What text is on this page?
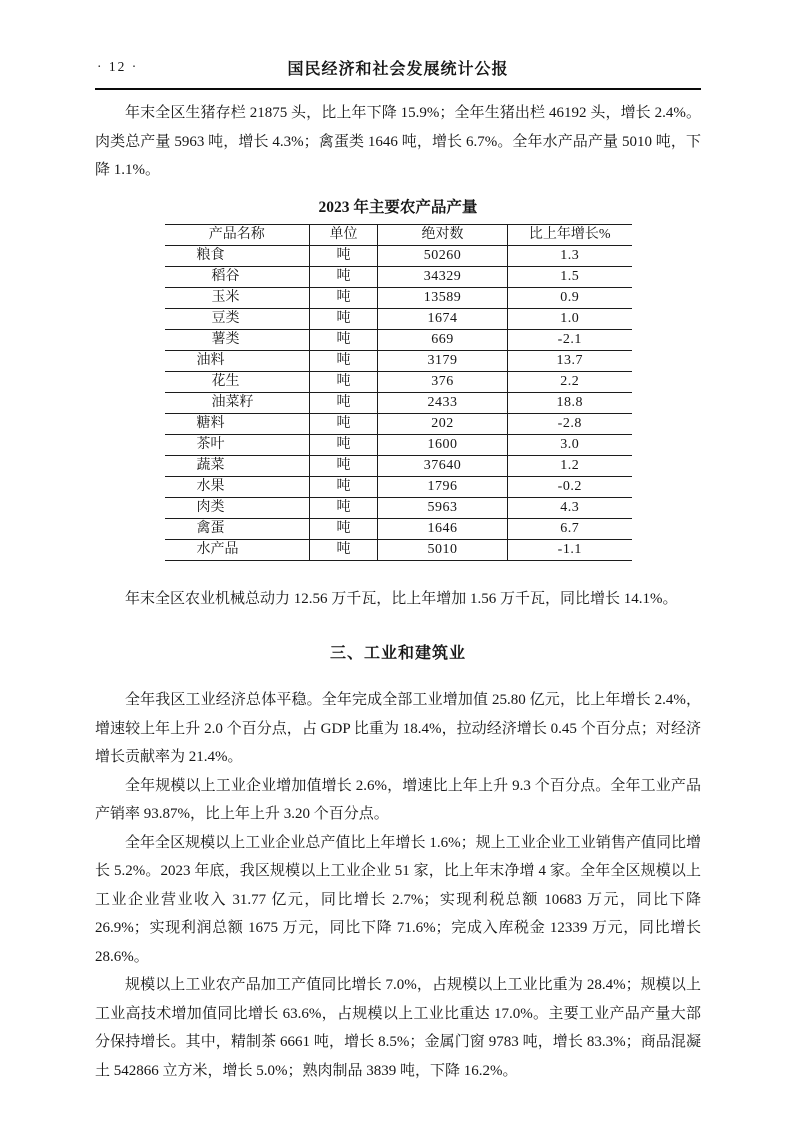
· 12 ·	国民经济和社会发展统计公报

年末全区生猪存栏 21875 头，比上年下降 15.9%；全年生猪出栏 46192 头，增长 2.4%。肉类总产量 5963 吨，增长 4.3%；禽蛋类 1646 吨，增长 6.7%。全年水产品产量 5010 吨，下降 1.1%。

2023 年主要农产品产量
产品名称	单位	绝对数	比上年增长%
粮食	吨	50260	1.3
稻谷	吨	34329	1.5
玉米	吨	13589	0.9
豆类	吨	1674	1.0
薯类	吨	669	-2.1
油料	吨	3179	13.7
花生	吨	376	2.2
油菜籽	吨	2433	18.8
糖料	吨	202	-2.8
茶叶	吨	1600	3.0
蔬菜	吨	37640	1.2
水果	吨	1796	-0.2
肉类	吨	5963	4.3
禽蛋	吨	1646	6.7
水产品	吨	5010	-1.1

年末全区农业机械总动力 12.56 万千瓦，比上年增加 1.56 万千瓦，同比增长 14.1%。

三、工业和建筑业

全年我区工业经济总体平稳。全年完成全部工业增加值 25.80 亿元，比上年增长 2.4%，增速较上年上升 2.0 个百分点，占 GDP 比重为 18.4%，拉动经济增长 0.45 个百分点；对经济增长贡献率为 21.4%。

全年规模以上工业企业增加值增长 2.6%，增速比上年上升 9.3 个百分点。全年工业产品产销率 93.87%，比上年上升 3.20 个百分点。

全年全区规模以上工业企业总产值比上年增长 1.6%；规上工业企业工业销售产值同比增长 5.2%。2023 年底，我区规模以上工业企业 51 家，比上年末净增 4 家。全年全区规模以上工业企业营业收入 31.77 亿元，同比增长 2.7%；实现利税总额 10683 万元，同比下降 26.9%；实现利润总额 1675 万元，同比下降 71.6%；完成入库税金 12339 万元，同比增长 28.6%。

规模以上工业农产品加工产值同比增长 7.0%，占规模以上工业比重为 28.4%；规模以上工业高技术增加值同比增长 63.6%，占规模以上工业比重达 17.0%。主要工业产品产量大部分保持增长。其中，精制茶 6661 吨，增长 8.5%；金属门窗 9783 吨，增长 83.3%；商品混凝土 542866 立方米，增长 5.0%；熟肉制品 3839 吨，下降 16.2%。
